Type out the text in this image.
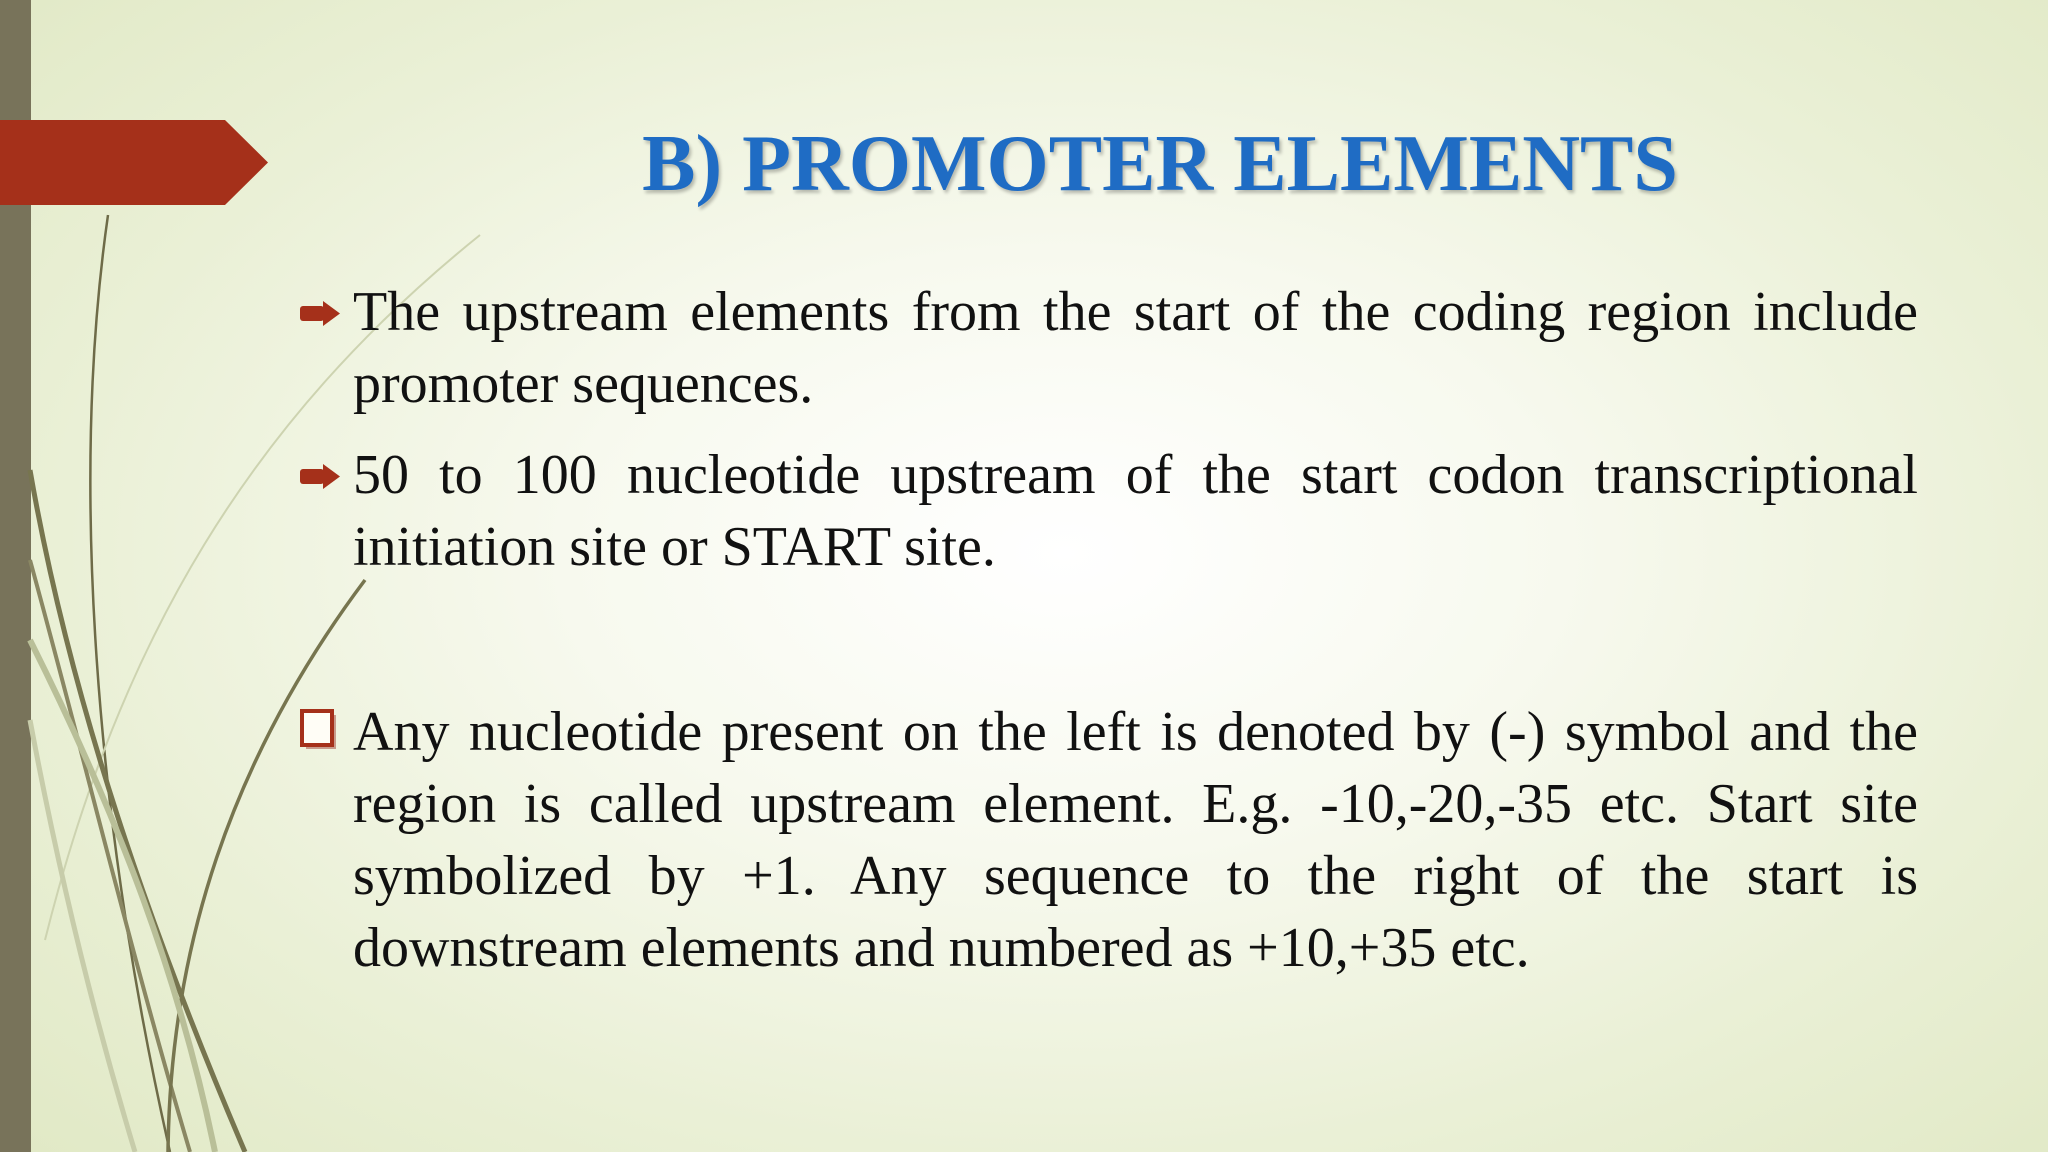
B) PROMOTER ELEMENTS
The upstream elements from the start of the coding region include promoter sequences.
50 to 100 nucleotide upstream of the start codon transcriptional initiation site or START site.
Any nucleotide present on the left is denoted by (-) symbol and the region is called upstream element. E.g. -10,-20,-35 etc. Start site symbolized by +1. Any sequence to the right of the start is downstream elements and numbered as +10,+35 etc.
